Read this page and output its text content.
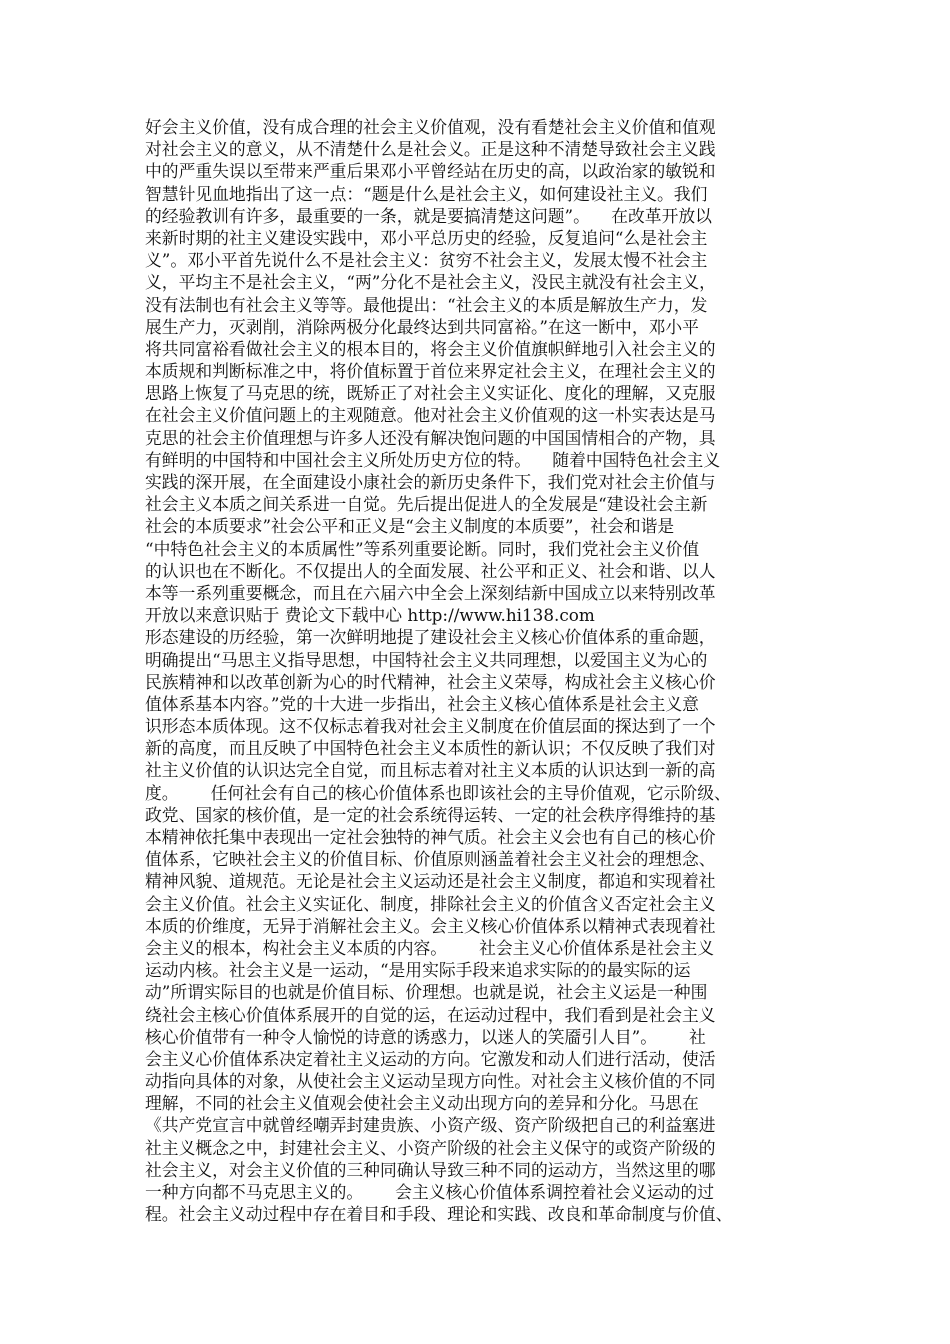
好会主义价值，没有成合理的社会主义价值观，没有看楚社会主义价值和值观
对社会主义的意义，从不清楚什么是社会义。正是这种不清楚导致社会主义践
中的严重失误以至带来严重后果邓小平曾经站在历史的高，以政治家的敏锐和
智慧针见血地指出了这一点：“题是什么是社会主义，如何建设社主义。我们
的经验教训有许多，最重要的一条，就是要搞清楚这问题”。    在改革开放以
来新时期的社主义建设实践中，邓小平总历史的经验，反复追问“么是社会主
义”。邓小平首先说什么不是社会主义：贫穷不社会主义，发展太慢不社会主
义，平均主不是社会主义，“两”分化不是社会主义，没民主就没有社会主义，
没有法制也有社会主义等等。最他提出：“社会主义的本质是解放生产力，发
展生产力，灭剥削，消除两极分化最终达到共同富裕。”在这一断中，邓小平
将共同富裕看做社会主义的根本目的，将会主义价值旗帜鲜地引入社会主义的
本质规和判断标准之中，将价值标置于首位来界定社会主义，在理社会主义的
思路上恢复了马克思的统，既矫正了对社会主义实证化、度化的理解，又克服
在社会主义价值问题上的主观随意。他对社会主义价值观的这一朴实表达是马
克思的社会主价值理想与许多人还没有解决饱问题的中国国情相合的产物，具
有鲜明的中国特和中国社会主义所处历史方位的特。    随着中国特色社会主义
实践的深开展，在全面建设小康社会的新历史条件下，我们党对社会主价值与
社会主义本质之间关系进一自觉。先后提出促进人的全发展是“建设社会主新
社会的本质要求”社会公平和正义是“会主义制度的本质要”，社会和谐是
“中特色社会主义的本质属性”等系列重要论断。同时，我们党社会主义价值
的认识也在不断化。不仅提出人的全面发展、社公平和正义、社会和谐、以人
本等一系列重要概念，而且在六届六中全会上深刻结新中国成立以来特别改革
开放以来意识贴于 费论文下载中心 http://www.hi138.com
形态建设的历经验，第一次鲜明地提了建设社会主义核心价值体系的重命题，
明确提出“马思主义指导思想，中国特社会主义共同理想，以爱国主义为心的
民族精神和以改革创新为心的时代精神，社会主义荣辱，构成社会主义核心价
值体系基本内容。”党的十大进一步指出，社会主义核心值体系是社会主义意
识形态本质体现。这不仅标志着我对社会主义制度在价值层面的探达到了一个
新的高度，而且反映了中国特色社会主义本质性的新认识；不仅反映了我们对
社主义价值的认识达完全自觉，而且标志着对社主义本质的认识达到一新的高
度。      任何社会有自己的核心价值体系也即该社会的主导价值观，它示阶级、
政党、国家的核价值，是一定的社会系统得运转、一定的社会秩序得维持的基
本精神依托集中表现出一定社会独特的神气质。社会主义会也有自己的核心价
值体系，它映社会主义的价值目标、价值原则涵盖着社会主义社会的理想念、
精神风貌、道规范。无论是社会主义运动还是社会主义制度，都追和实现着社
会主义价值。社会主义实证化、制度，排除社会主义的价值含义否定社会主义
本质的价维度，无异于消解社会主义。会主义核心价值体系以精神式表现着社
会主义的根本，构社会主义本质的内容。      社会主义心价值体系是社会主义
运动内核。社会主义是一运动，“是用实际手段来追求实际的的最实际的运
动”所谓实际目的也就是价值目标、价理想。也就是说，社会主义运是一种围
绕社会主核心价值体系展开的自觉的运，在运动过程中，我们看到是社会主义
核心价值带有一种令人愉悦的诗意的诱惑力，以迷人的笑靥引人目”。      社
会主义心价值体系决定着社主义运动的方向。它激发和动人们进行活动，使活
动指向具体的对象，从使社会主义运动呈现方向性。对社会主义核价值的不同
理解，不同的社会主义值观会使社会主义动出现方向的差异和分化。马思在
《共产党宣言中就曾经嘲弄封建贵族、小资产级、资产阶级把自己的利益塞进
社主义概念之中，封建社会主义、小资产阶级的社会主义保守的或资产阶级的
社会主义，对会主义价值的三种同确认导致三种不同的运动方，当然这里的哪
一种方向都不马克思主义的。      会主义核心价值体系调控着社会义运动的过
程。社会主义动过程中存在着目和手段、理论和实践、改良和革命制度与价值、
